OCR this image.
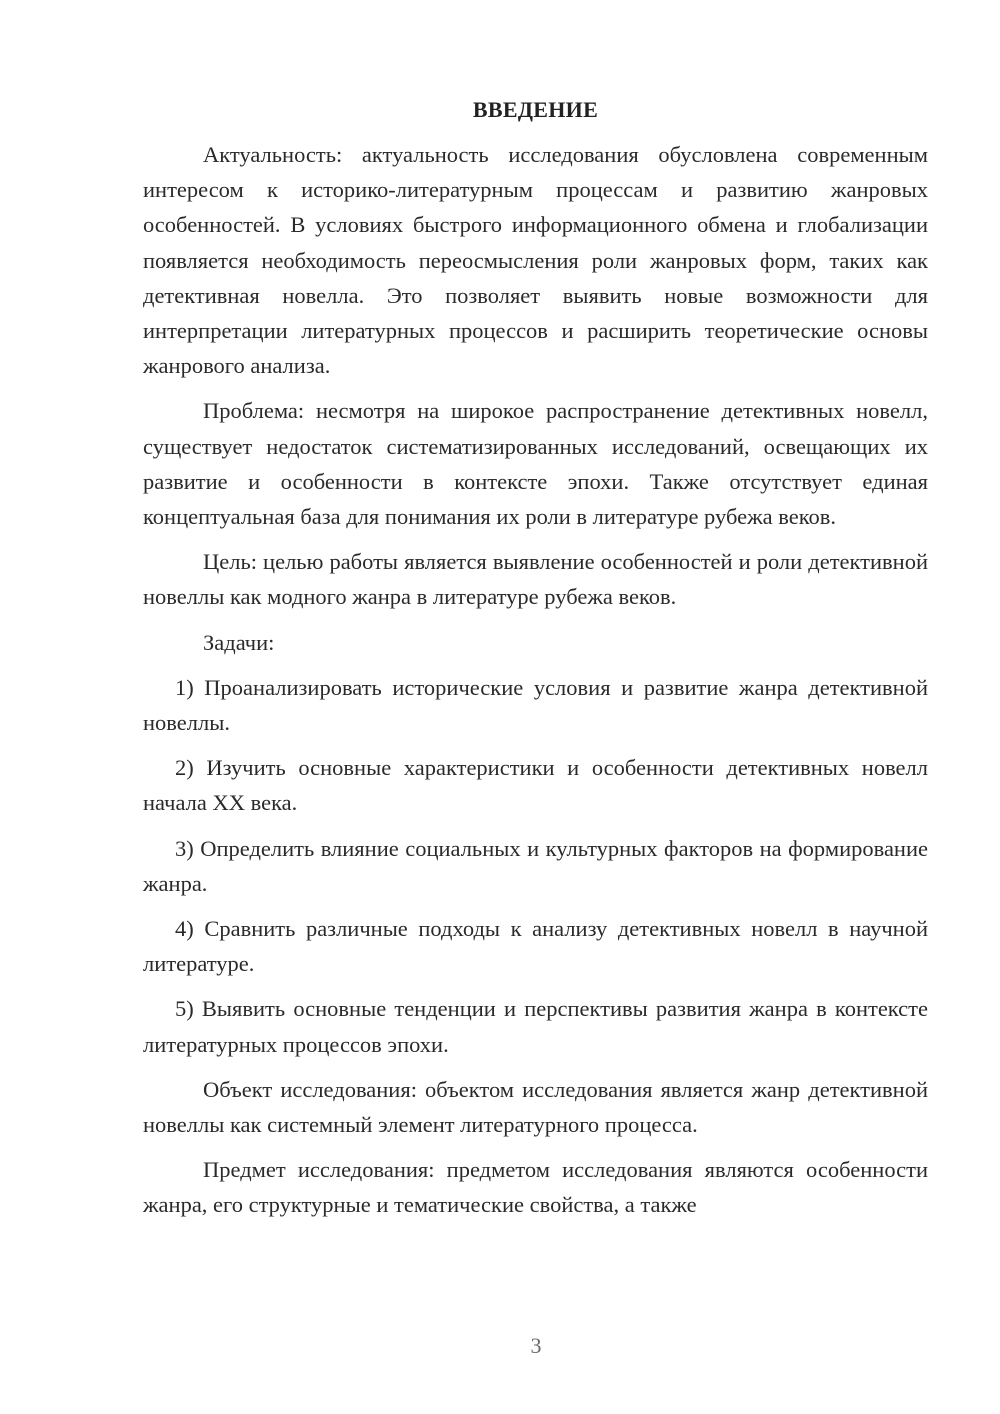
ВВЕДЕНИЕ

Актуальность: актуальность исследования обусловлена современным интересом к историко-литературным процессам и развитию жанровых особенностей. В условиях быстрого информационного обмена и глобализации появляется необходимость переосмысления роли жанровых форм, таких как детективная новелла. Это позволяет выявить новые возможности для интерпретации литературных процессов и расширить теоретические основы жанрового анализа.

Проблема: несмотря на широкое распространение детективных новелл, существует недостаток систематизированных исследований, освещающих их развитие и особенности в контексте эпохи. Также отсутствует единая концептуальная база для понимания их роли в литературе рубежа веков.

Цель: целью работы является выявление особенностей и роли детективной новеллы как модного жанра в литературе рубежа веков.

Задачи:

1) Проанализировать исторические условия и развитие жанра детективной новеллы.

2) Изучить основные характеристики и особенности детективных новелл начала XX века.

3) Определить влияние социальных и культурных факторов на формирование жанра.

4) Сравнить различные подходы к анализу детективных новелл в научной литературе.

5) Выявить основные тенденции и перспективы развития жанра в контексте литературных процессов эпохи.

Объект исследования: объектом исследования является жанр детективной новеллы как системный элемент литературного процесса.

Предмет исследования: предметом исследования являются особенности жанра, его структурные и тематические свойства, а также

3
